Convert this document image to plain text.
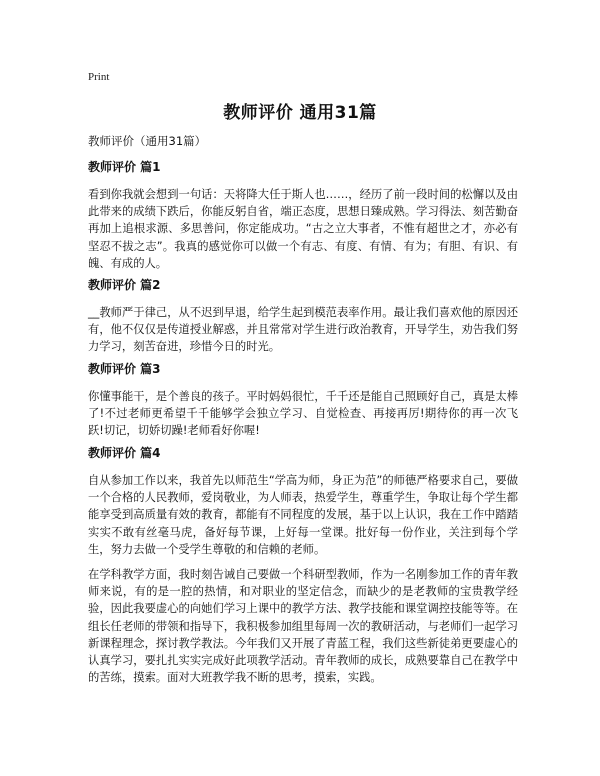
Print
教师评价 通用31篇
教师评价（通用31篇）
教师评价 篇1

看到你我就会想到一句话：天将降大任于斯人也……，经历了前一段时间的松懈以及由此带来的成绩下跌后，你能反躬自省，端正态度，思想日臻成熟。学习得法、刻苦勤奋再加上追根求源、多思善问，你定能成功。“古之立大事者，不惟有超世之才，亦必有坚忍不拔之志”。我真的感觉你可以做一个有志、有度、有情、有为；有胆、有识、有魄、有成的人。

教师评价 篇2

__教师严于律己，从不迟到早退，给学生起到模范表率作用。最让我们喜欢他的原因还有，他不仅仅是传道授业解惑，并且常常对学生进行政治教育，开导学生，劝告我们努力学习，刻苦奋进，珍惜今日的时光。

教师评价 篇3

你懂事能干，是个善良的孩子。平时妈妈很忙，千千还是能自己照顾好自己，真是太棒了!不过老师更希望千千能够学会独立学习、自觉检查、再接再厉!期待你的再一次飞跃!切记，切娇切躁!老师看好你喔!

教师评价 篇4

自从参加工作以来，我首先以师范生“学高为师，身正为范”的师德严格要求自己，要做一个合格的人民教师，爱岗敬业，为人师表，热爱学生，尊重学生，争取让每个学生都能享受到高质量有效的教育，都能有不同程度的发展，基于以上认识，我在工作中踏踏实实不敢有丝毫马虎，备好每节课，上好每一堂课。批好每一份作业，关注到每个学生，努力去做一个受学生尊敬的和信赖的老师。

在学科教学方面，我时刻告诫自己要做一个科研型教师，作为一名刚参加工作的青年教师来说，有的是一腔的热情，和对职业的坚定信念，而缺少的是老教师的宝贵教学经验，因此我要虚心的向她们学习上课中的教学方法、教学技能和课堂调控技能等等。在组长任老师的带领和指导下，我积极参加组里每周一次的教研活动，与老师们一起学习新课程理念，探讨教学教法。今年我们又开展了青蓝工程，我们这些新徒弟更要虚心的认真学习，要扎扎实实完成好此项教学活动。青年教师的成长，成熟要靠自己在教学中的苦练，摸索。面对大班教学我不断的思考，摸索，实践。
